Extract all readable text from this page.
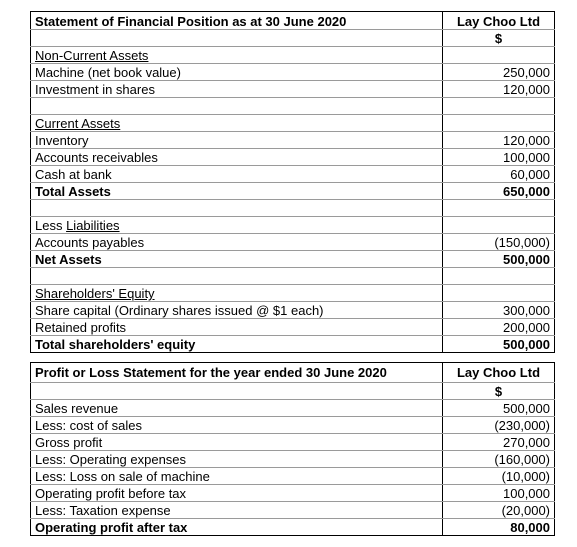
Statement of Financial Position as at 30 June 2020	Lay Choo Ltd
	$
Non-Current Assets	
Machine (net book value)	250,000
Investment in shares	120,000

Current Assets	
Inventory	120,000
Accounts receivables	100,000
Cash at bank	60,000
Total Assets	650,000

Less Liabilities	
Accounts payables	(150,000)
Net Assets	500,000

Shareholders' Equity	
Share capital (Ordinary shares issued @ $1 each)	300,000
Retained profits	200,000
Total shareholders' equity	500,000
Profit or Loss Statement for the year ended 30 June 2020	Lay Choo Ltd
	$
Sales revenue	500,000
Less: cost of sales	(230,000)
Gross profit	270,000
Less: Operating expenses	(160,000)
Less: Loss on sale of machine	(10,000)
Operating profit before tax	100,000
Less: Taxation expense	(20,000)
Operating profit after tax	80,000
